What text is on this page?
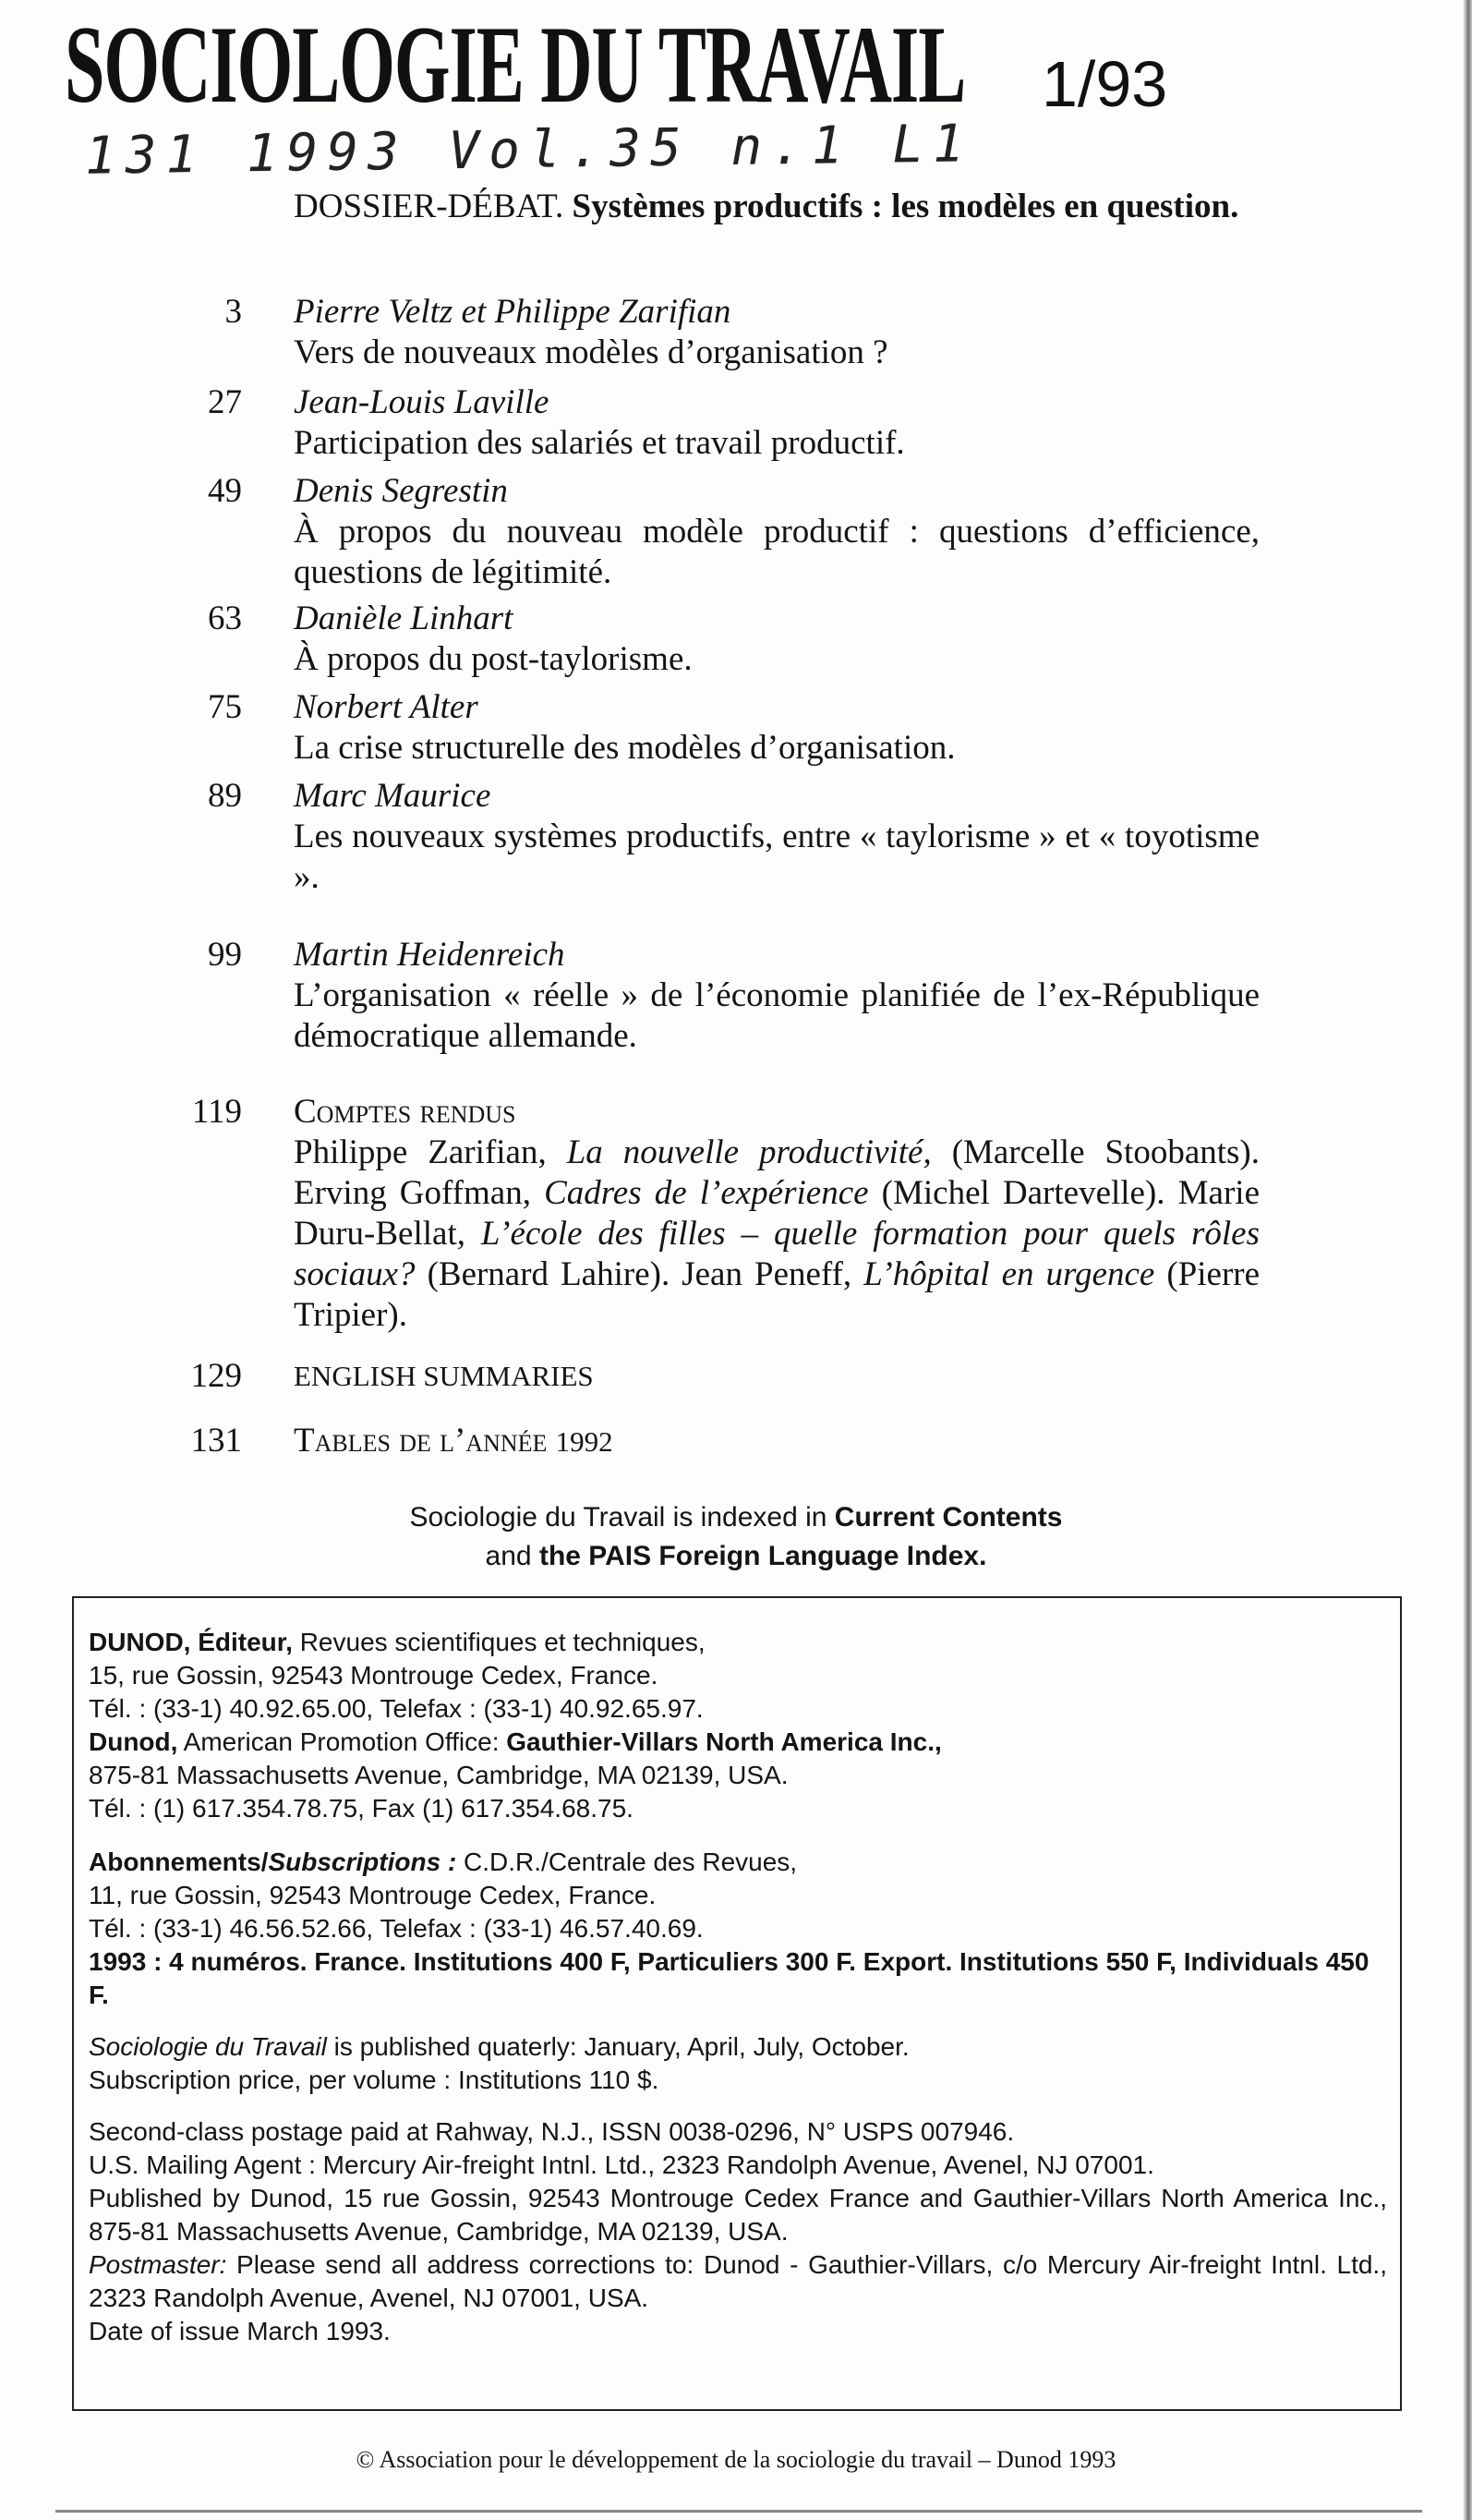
SOCIOLOGIE DU TRAVAIL 1/93
131 1993 Vol.35 n.1 L1
DOSSIER-DÉBAT. Systèmes productifs : les modèles en question.
3 Pierre Veltz et Philippe Zarifian
Vers de nouveaux modèles d’organisation ?
27 Jean-Louis Laville
Participation des salariés et travail productif.
49 Denis Segrestin
À propos du nouveau modèle productif : questions d’efficience, questions de légitimité.
63 Danièle Linhart
À propos du post-taylorisme.
75 Norbert Alter
La crise structurelle des modèles d’organisation.
89 Marc Maurice
Les nouveaux systèmes productifs, entre « taylorisme » et « toyotisme ».
99 Martin Heidenreich
L’organisation « réelle » de l’économie planifiée de l’ex-République démocratique allemande.
119 Comptes rendus
Philippe Zarifian, La nouvelle productivité, (Marcelle Stoobants). Erving Goffman, Cadres de l’expérience (Michel Dartevelle). Marie Duru-Bellat, L’école des filles – quelle formation pour quels rôles sociaux? (Bernard Lahire). Jean Peneff, L’hôpital en urgence (Pierre Tripier).
129 ENGLISH SUMMARIES
131 Tables de l’année 1992
Sociologie du Travail is indexed in Current Contents
and the PAIS Foreign Language Index.
DUNOD, Éditeur, Revues scientifiques et techniques,
15, rue Gossin, 92543 Montrouge Cedex, France.
Tél. : (33-1) 40.92.65.00, Telefax : (33-1) 40.92.65.97.
Dunod, American Promotion Office: Gauthier-Villars North America Inc.,
875-81 Massachusetts Avenue, Cambridge, MA 02139, USA.
Tél. : (1) 617.354.78.75, Fax (1) 617.354.68.75.
Abonnements/Subscriptions : C.D.R./Centrale des Revues,
11, rue Gossin, 92543 Montrouge Cedex, France.
Tél. : (33-1) 46.56.52.66, Telefax : (33-1) 46.57.40.69.
1993 : 4 numéros. France. Institutions 400 F, Particuliers 300 F. Export. Institutions 550 F, Individuals 450 F.
Sociologie du Travail is published quaterly: January, April, July, October.
Subscription price, per volume : Institutions 110 $.
Second-class postage paid at Rahway, N.J., ISSN 0038-0296, N° USPS 007946.
U.S. Mailing Agent : Mercury Air-freight Intnl. Ltd., 2323 Randolph Avenue, Avenel, NJ 07001.
Published by Dunod, 15 rue Gossin, 92543 Montrouge Cedex France and Gauthier-Villars North America Inc., 875-81 Massachusetts Avenue, Cambridge, MA 02139, USA.
Postmaster: Please send all address corrections to: Dunod - Gauthier-Villars, c/o Mercury Air-freight Intnl. Ltd., 2323 Randolph Avenue, Avenel, NJ 07001, USA.
Date of issue March 1993.
© Association pour le développement de la sociologie du travail – Dunod 1993
